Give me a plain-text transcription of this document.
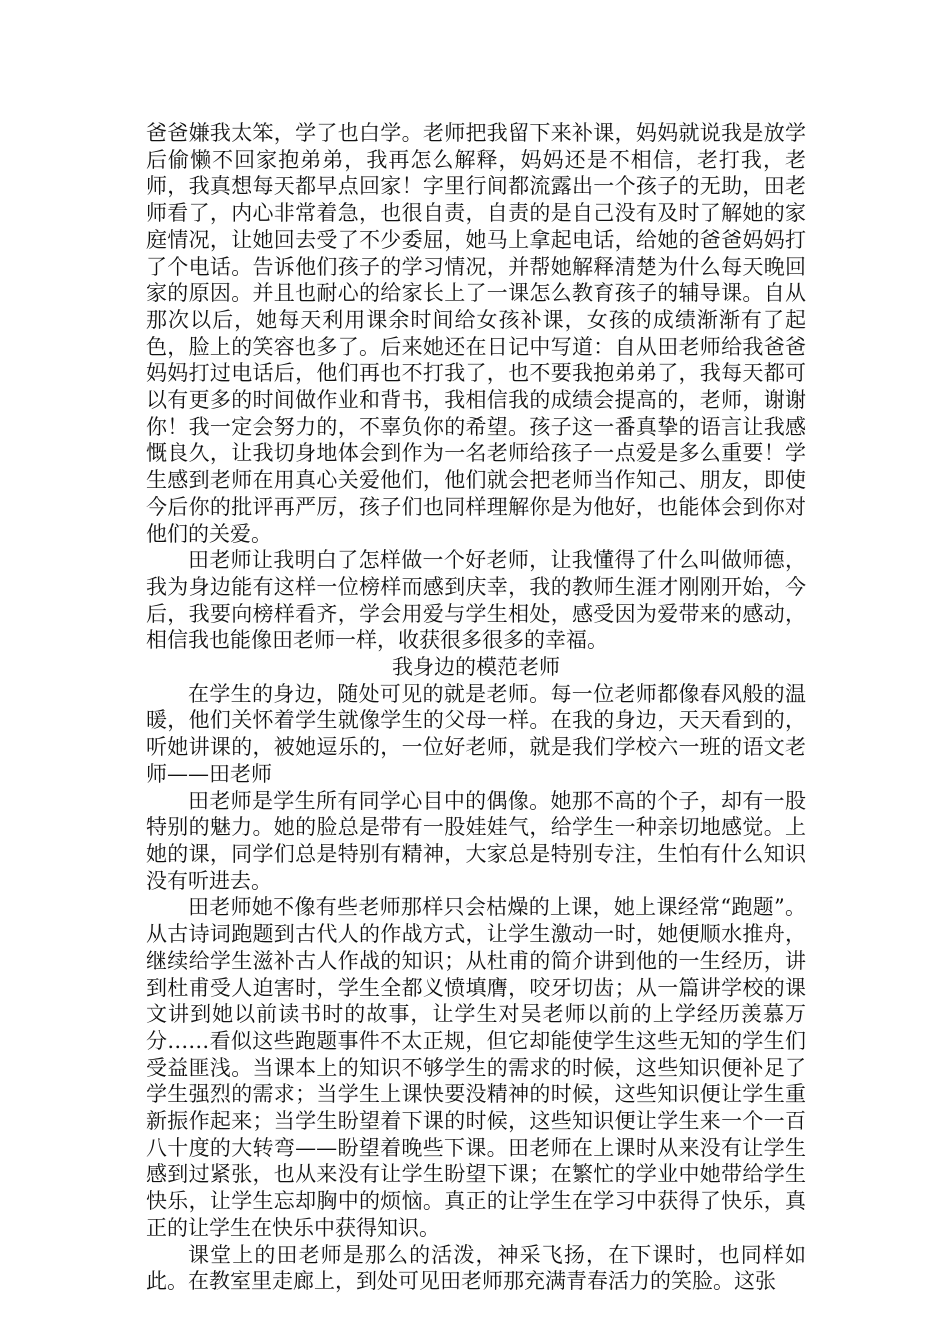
爸爸嫌我太笨，学了也白学。老师把我留下来补课，妈妈就说我是放学后偷懒不回家抱弟弟，我再怎么解释，妈妈还是不相信，老打我，老师，我真想每天都早点回家！字里行间都流露出一个孩子的无助，田老师看了，内心非常着急，也很自责，自责的是自己没有及时了解她的家庭情况，让她回去受了不少委屈，她马上拿起电话，给她的爸爸妈妈打了个电话。告诉他们孩子的学习情况，并帮她解释清楚为什么每天晚回家的原因。并且也耐心的给家长上了一课怎么教育孩子的辅导课。自从那次以后，她每天利用课余时间给女孩补课，女孩的成绩渐渐有了起色，脸上的笑容也多了。后来她还在日记中写道：自从田老师给我爸爸妈妈打过电话后，他们再也不打我了，也不要我抱弟弟了，我每天都可以有更多的时间做作业和背书，我相信我的成绩会提高的，老师，谢谢你！我一定会努力的，不辜负你的希望。孩子这一番真挚的语言让我感慨良久，让我切身地体会到作为一名老师给孩子一点爱是多么重要！学生感到老师在用真心关爱他们，他们就会把老师当作知己、朋友，即使今后你的批评再严厉，孩子们也同样理解你是为他好，也能体会到你对他们的关爱。

田老师让我明白了怎样做一个好老师，让我懂得了什么叫做师德，我为身边能有这样一位榜样而感到庆幸，我的教师生涯才刚刚开始，今后，我要向榜样看齐，学会用爱与学生相处，感受因为爱带来的感动，相信我也能像田老师一样，收获很多很多的幸福。

我身边的模范老师

在学生的身边，随处可见的就是老师。每一位老师都像春风般的温暖，他们关怀着学生就像学生的父母一样。在我的身边，天天看到的，听她讲课的，被她逗乐的，一位好老师，就是我们学校六一班的语文老师——田老师

田老师是学生所有同学心目中的偶像。她那不高的个子，却有一股特别的魅力。她的脸总是带有一股娃娃气，给学生一种亲切地感觉。上她的课，同学们总是特别有精神，大家总是特别专注，生怕有什么知识没有听进去。

田老师她不像有些老师那样只会枯燥的上课，她上课经常“跑题”。从古诗词跑题到古代人的作战方式，让学生激动一时，她便顺水推舟，继续给学生滋补古人作战的知识；从杜甫的简介讲到他的一生经历，讲到杜甫受人迫害时，学生全都义愤填膺，咬牙切齿；从一篇讲学校的课文讲到她以前读书时的故事，让学生对吴老师以前的上学经历羡慕万分……看似这些跑题事件不太正规，但它却能使学生这些无知的学生们受益匪浅。当课本上的知识不够学生的需求的时候，这些知识便补足了学生强烈的需求；当学生上课快要没精神的时候，这些知识便让学生重新振作起来；当学生盼望着下课的时候，这些知识便让学生来一个一百八十度的大转弯——盼望着晚些下课。田老师在上课时从来没有让学生感到过紧张，也从来没有让学生盼望下课；在繁忙的学业中她带给学生快乐，让学生忘却胸中的烦恼。真正的让学生在学习中获得了快乐，真正的让学生在快乐中获得知识。

课堂上的田老师是那么的活泼，神采飞扬，在下课时，也同样如此。在教室里走廊上，到处可见田老师那充满青春活力的笑脸。这张
